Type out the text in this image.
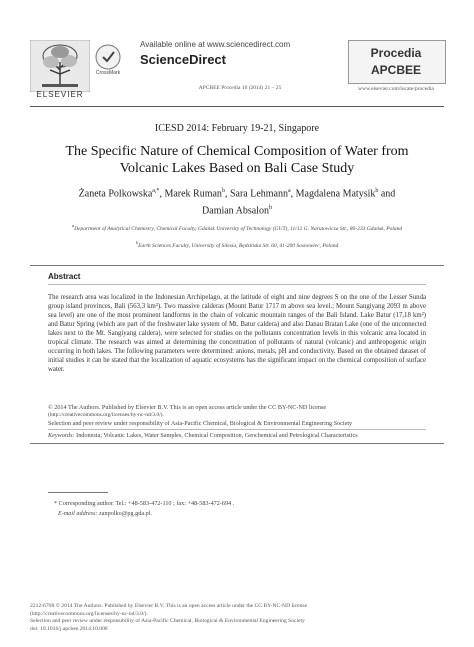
ELSEVIER
CrossMark
Available online at www.sciencedirect.com
ScienceDirect
APCBEE Procedia 10 (2014) 21 – 25
Procedia
APCBEE
www.elsevier.com/locate/procedia
ICESD 2014: February 19-21, Singapore
The Specific Nature of Chemical Composition of Water from
Volcanic Lakes Based on Bali Case Study
Żaneta Polkowska$^{a,*}$, Marek Ruman$^b$, Sara Lehmann$^a$, Magdalena Matysik$^b$ and
Damian Absalon$^b$
$^a$Department of Analytical Chemistry, Chemical Faculty, Gdańsk University of Technology (GUT), 11/12 G. Narutowicza Str., 80-233 Gdańsk, Poland
$^b$Earth Sciences Faculty, University of Silesia, Będzińska Str. 60, 41-200 Sosnowiec, Poland
Abstract
The research area was localized in the Indonesian Archipelago, at the latitude of eight and nine degrees S on the one of the Lesser Sunda group island provinces, Bali (563,3 km²). Two massive calderas (Mount Batur 1717 m above sea level.; Mount Sangiyang 2093 m above sea level) are one of the most prominent landforms in the chain of volcanic mountain ranges of the Bali Island. Lake Batur (17,18 km²) and Batur Spring (which are part of the freshwater lake system of Mt. Batur caldera) and also Danau Bratan Lake (one of the unconnected lakes next to the Mt. Sangiyang caldera), were selected for studies on the pollutants concentration levels in this volcanic area located in tropical climate. The research was aimed at determining the concentration of pollutants of natural (volcanic) and anthropogenic origin occurring in both lakes. The following parameters were determined: anions, metals, pH and conductivity. Based on the obtained dataset of initial studies it can be stated that the localization of aquatic ecosystems has the significant impact on the chemical composition of surface water.
© 2014 The Authors. Published by Elsevier B.V. This is an open access article under the CC BY-NC-ND license
(http://creativecommons.org/licenses/by-nc-nd/3.0/).
Selection and peer review under responsibility of Asia-Pacific Chemical, Biological & Environmental Engineering Society
Keywords: Indonesia; Volcanic Lakes, Water Samples, Chemical Composition, Geochemical and Petrological Characteristics
* Corresponding author. Tel.: +48-583-472-110 ; fax: +48-583-472-694 .
E-mail address: zanpolko@pg.gda.pl.
2212-6708 © 2014 The Authors. Published by Elsevier B.V. This is an open access article under the CC BY-NC-ND license
(http://creativecommons.org/licenses/by-nc-nd/3.0/).
Selection and peer review under responsibility of Asia-Pacific Chemical, Biological & Environmental Engineering Society
doi: 10.1016/j.apcbee.2014.10.008
